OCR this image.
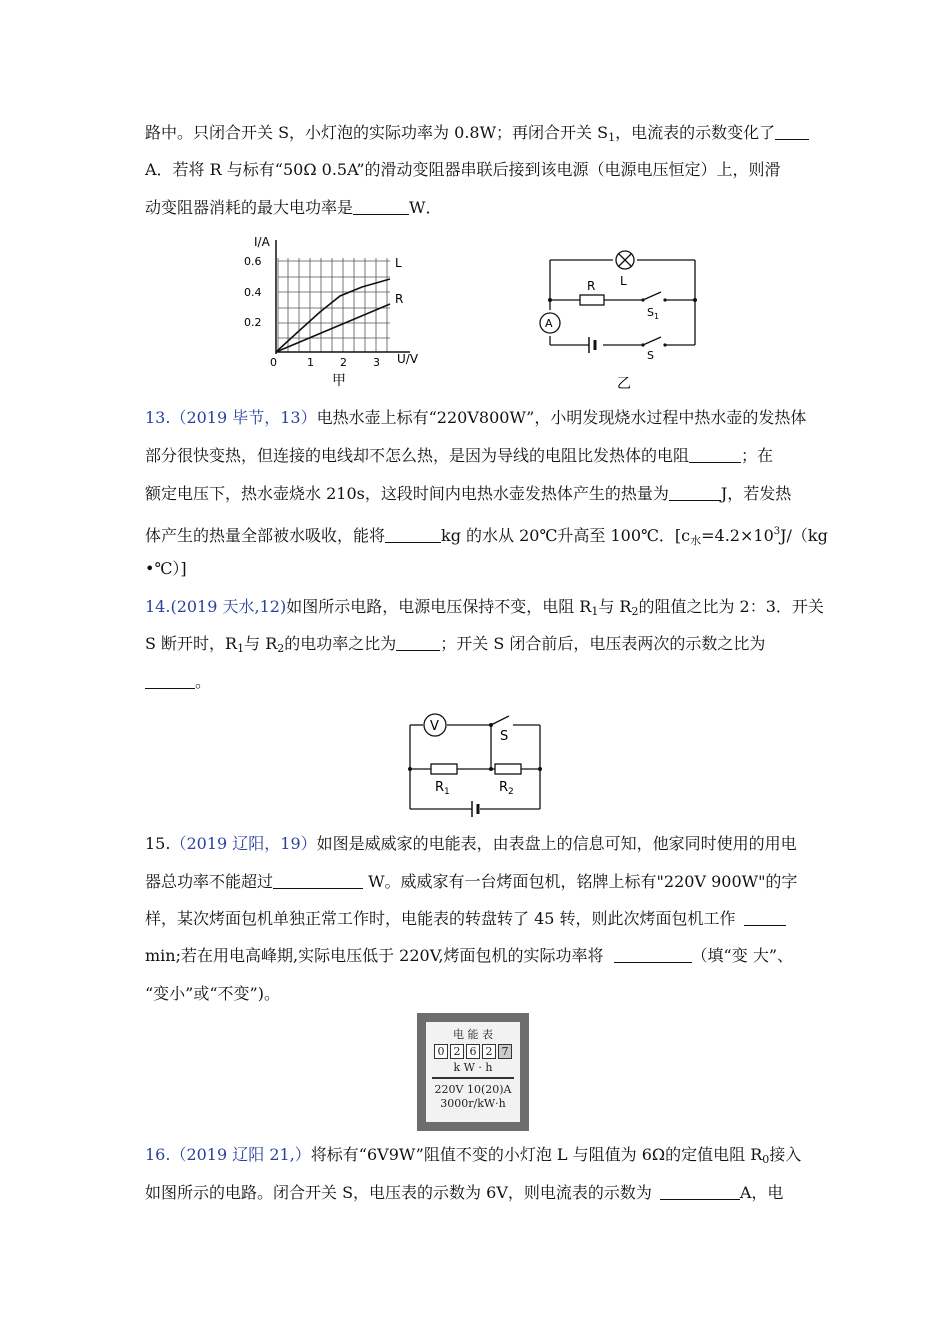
路中。只闭合开关 S，小灯泡的实际功率为 0.8W；再闭合开关 $S_1$，电流表的示数变化了
A．若将 R 与标有“50Ω 0.5A”的滑动变阻器串联后接到该电源（电源电压恒定）上，则滑
动变阻器消耗的最大电功率是	W．
I/A
0.6
0.4
0.2
0	1 2 3 U/V
L
R
甲
L
R
A
$S_1$
S
乙
13.（2019 毕节，13）电热水壶上标有“220V800W”，小明发现烧水过程中热水壶的发热体
部分很快变热，但连接的电线却不怎么热，是因为导线的电阻比发热体的电阻	；在
额定电压下，热水壶烧水 210s，这段时间内电热水壶发热体产生的热量为	J，若发热
体产生的热量全部被水吸收，能将	kg 的水从 20℃升高至 100℃．[$c_水=4.2\times 10^3J/(kg$
•℃）]
14.(2019 天水,12)如图所示电路，电源电压保持不变，电阻 $R_1$与 $R_2$的阻值之比为 2：3．开关
S 断开时，$R_1$与 $R_2$的电功率之比为	；开关 S 闭合前后，电压表两次的示数之比为
。
V
S
$R_1$	$R_2$
15.（2019 辽阳，19）如图是威威家的电能表，由表盘上的信息可知，他家同时使用的用电
器总功率不能超过	W。威威家有一台烤面包机，铭牌上标有"220V 900W"的字
样，某次烤面包机单独正常工作时，电能表的转盘转了 45 转，则此次烤面包机工作
min;若在用电高峰期,实际电压低于 220V,烤面包机的实际功率将	（填“变 大”、
“变小”或“不变”)。
电 能 表
0 2 6 2 7
k W · h
220V 10(20)A
3000r/kW·h
16.（2019 辽阳 21,）将标有“6V9W”阻值不变的小灯泡 L 与阻值为 6Ω的定值电阻 $R_0$接入
如图所示的电路。闭合开关 S，电压表的示数为 6V，则电流表的示数为	A，电
